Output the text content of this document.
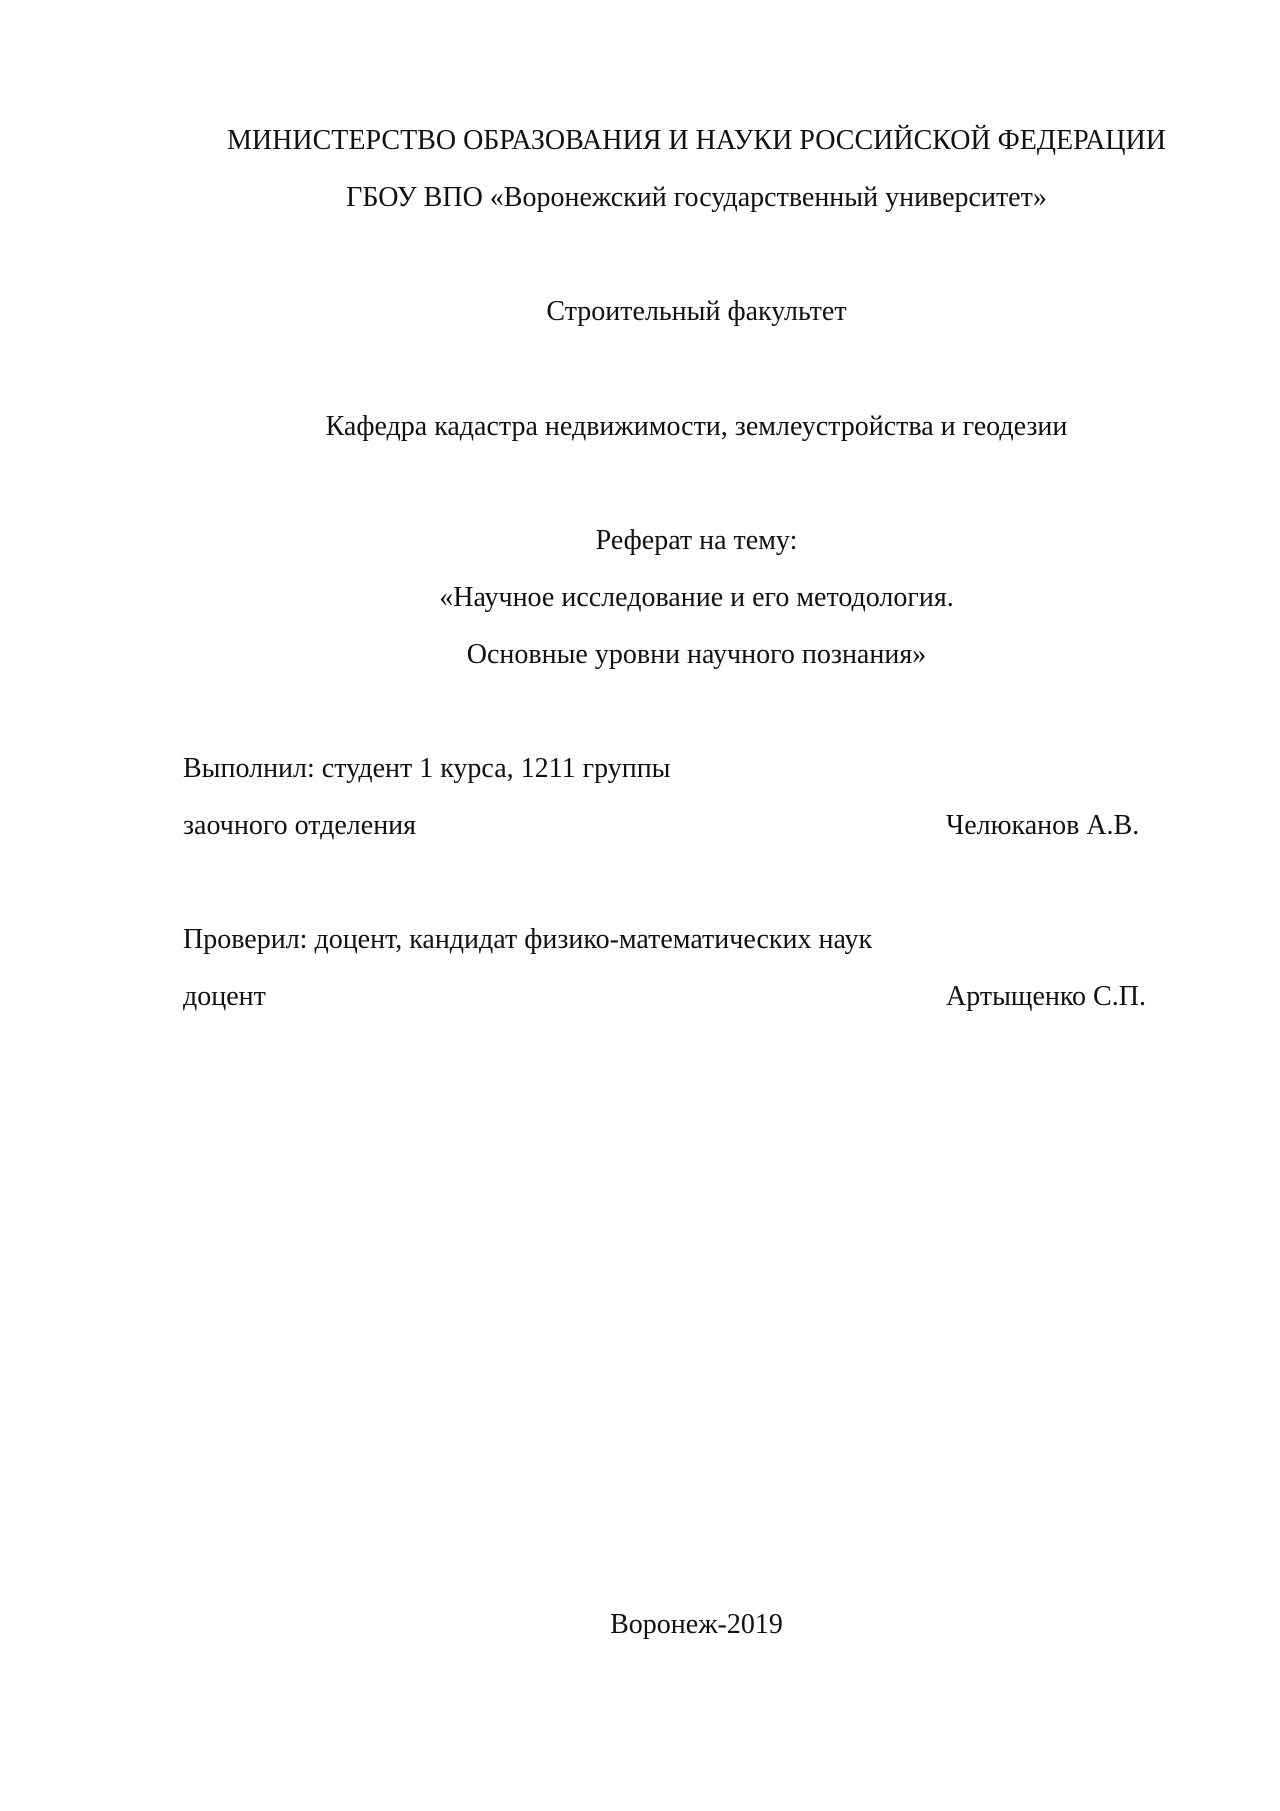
МИНИСТЕРСТВО ОБРАЗОВАНИЯ И НАУКИ РОССИЙСКОЙ ФЕДЕРАЦИИ
ГБОУ ВПО «Воронежский государственный университет»
Строительный факультет
Кафедра кадастра недвижимости, землеустройства и геодезии
Реферат на тему:
«Научное исследование и его методология.
Основные уровни научного познания»
Выполнил: студент 1 курса, 1211 группы
заочного отделения	Челюканов А.В.
Проверил: доцент, кандидат физико-математических наук
доцент	Артыщенко С.П.
Воронеж-2019
